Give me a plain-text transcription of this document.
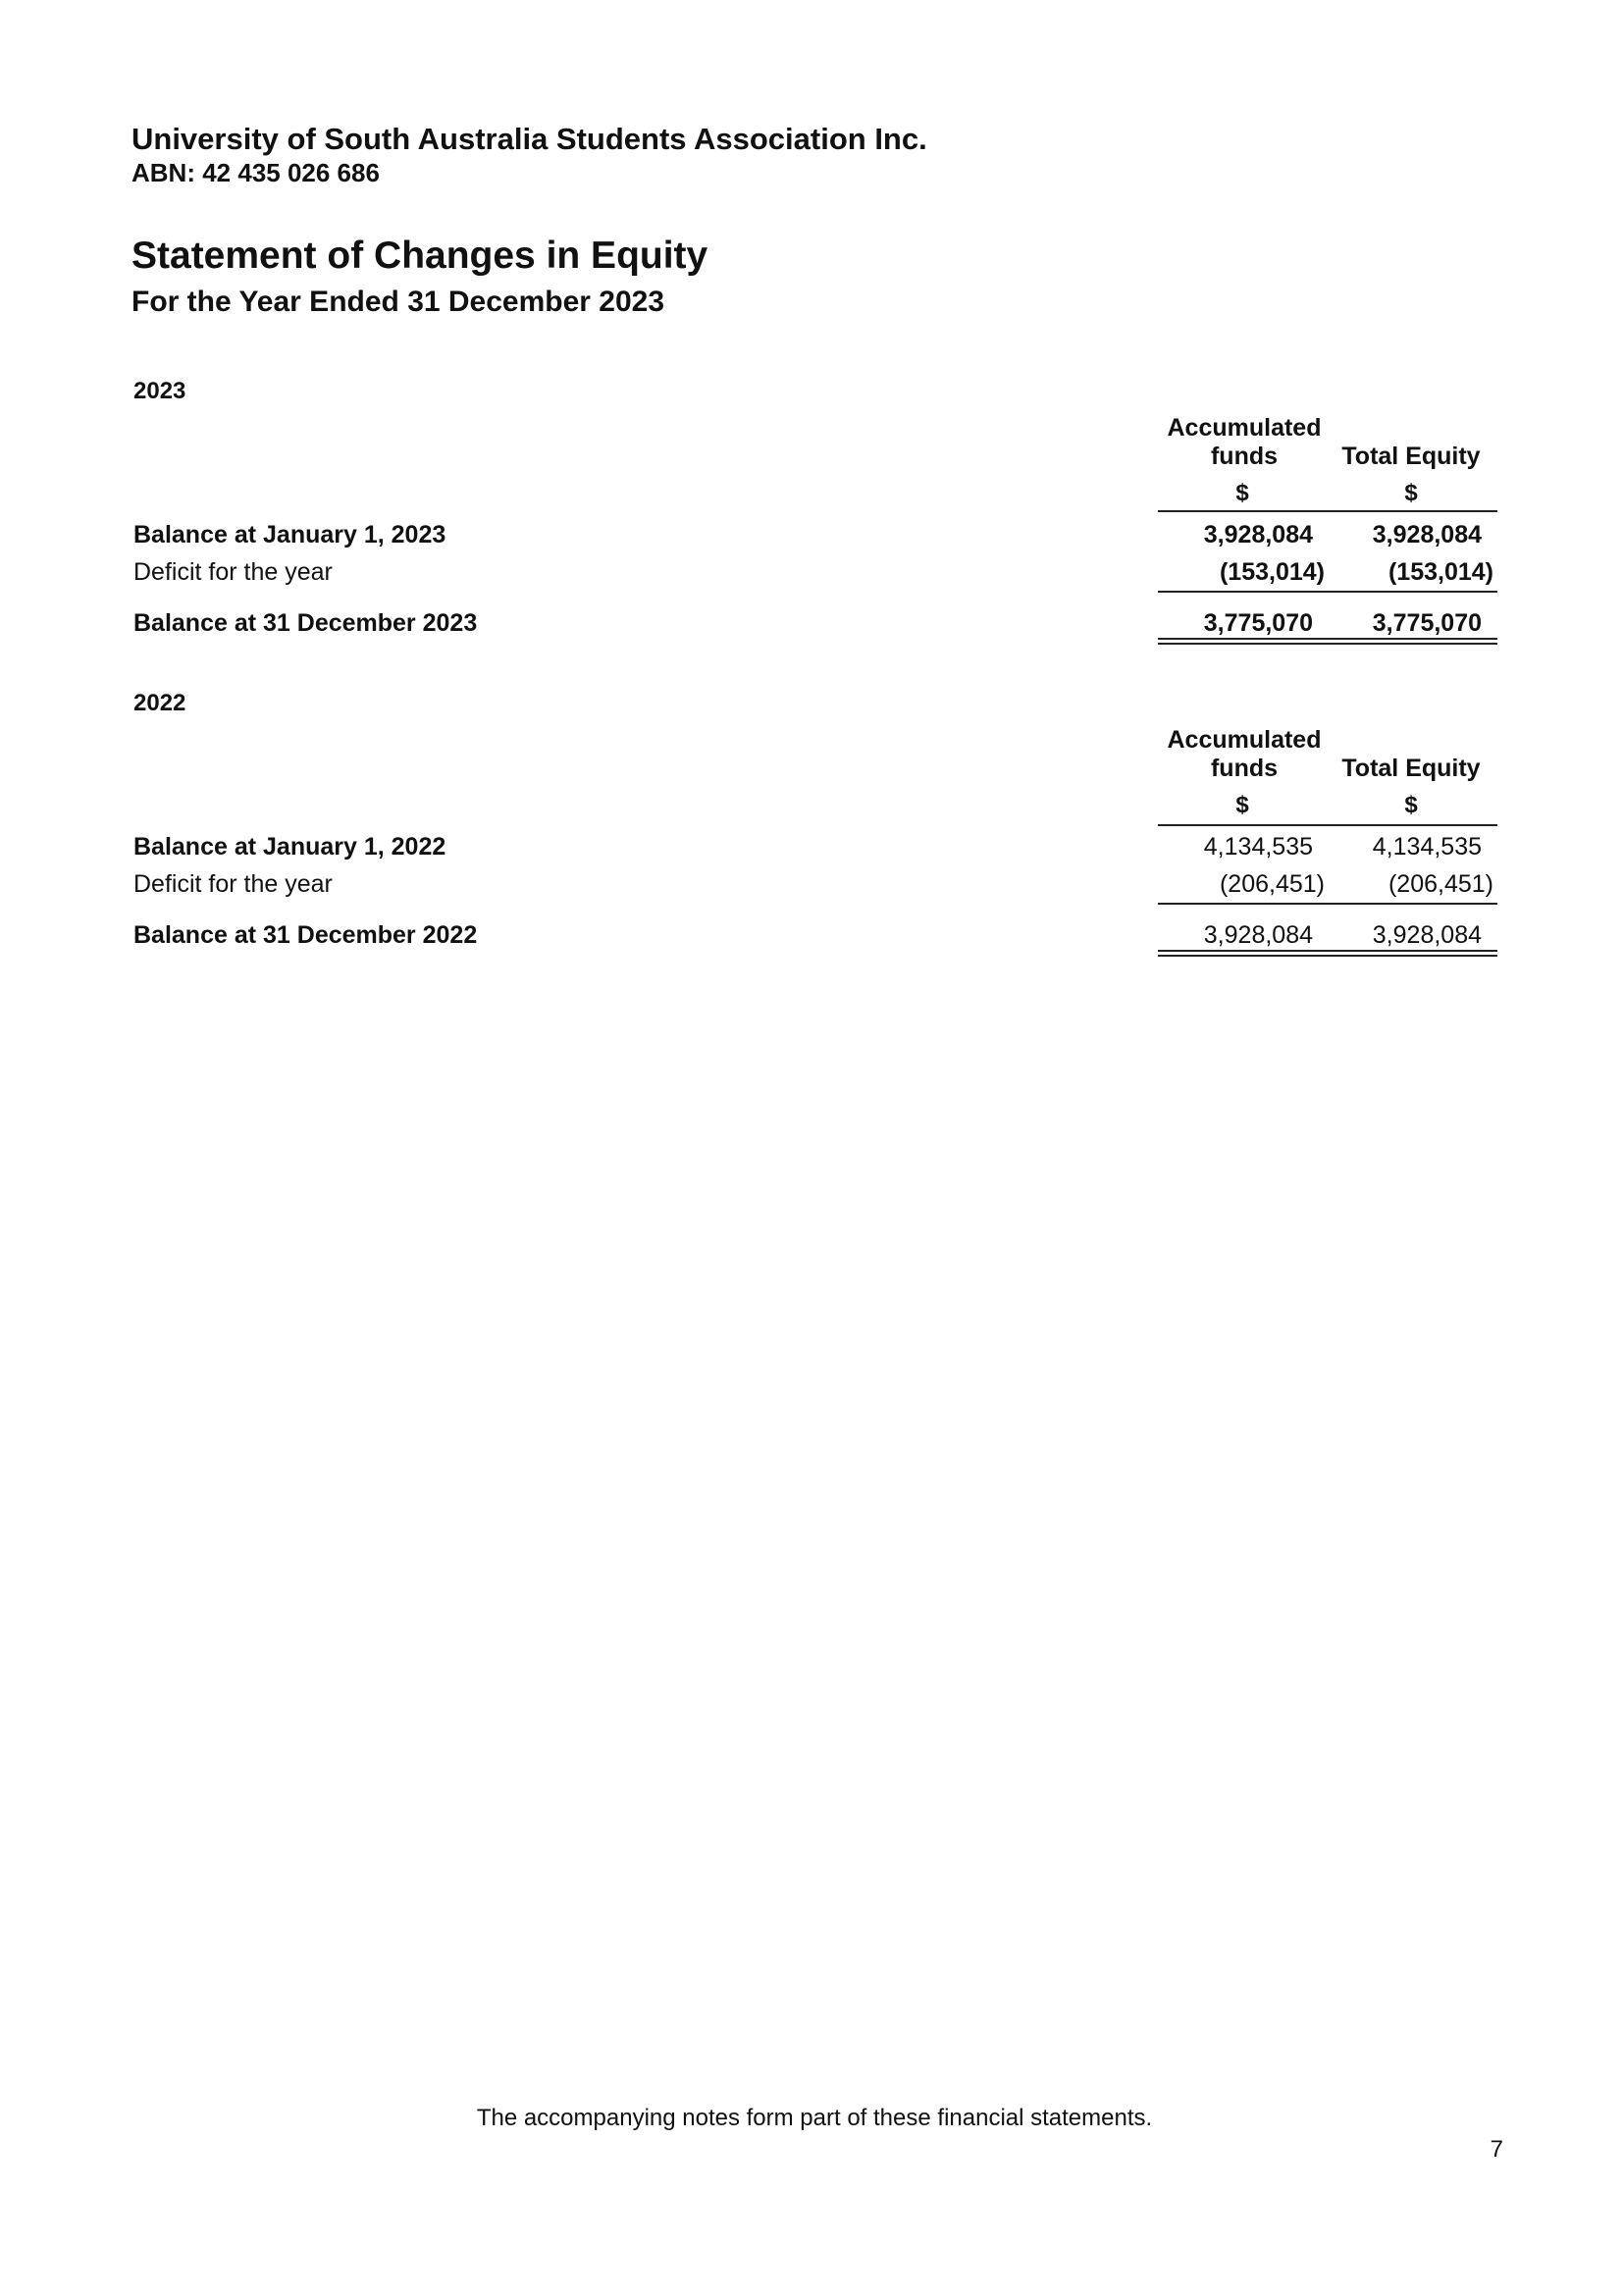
University of South Australia Students Association Inc.
ABN: 42 435 026 686
Statement of Changes in Equity
For the Year Ended 31 December 2023
2023
Accumulated
funds	Total Equity
$	$
Balance at January 1, 2023	3,928,084	3,928,084
Deficit for the year	(153,014)	(153,014)
Balance at 31 December 2023	3,775,070	3,775,070
2022
Accumulated
funds	Total Equity
$	$
Balance at January 1, 2022	4,134,535	4,134,535
Deficit for the year	(206,451)	(206,451)
Balance at 31 December 2022	3,928,084	3,928,084
The accompanying notes form part of these financial statements.
7
